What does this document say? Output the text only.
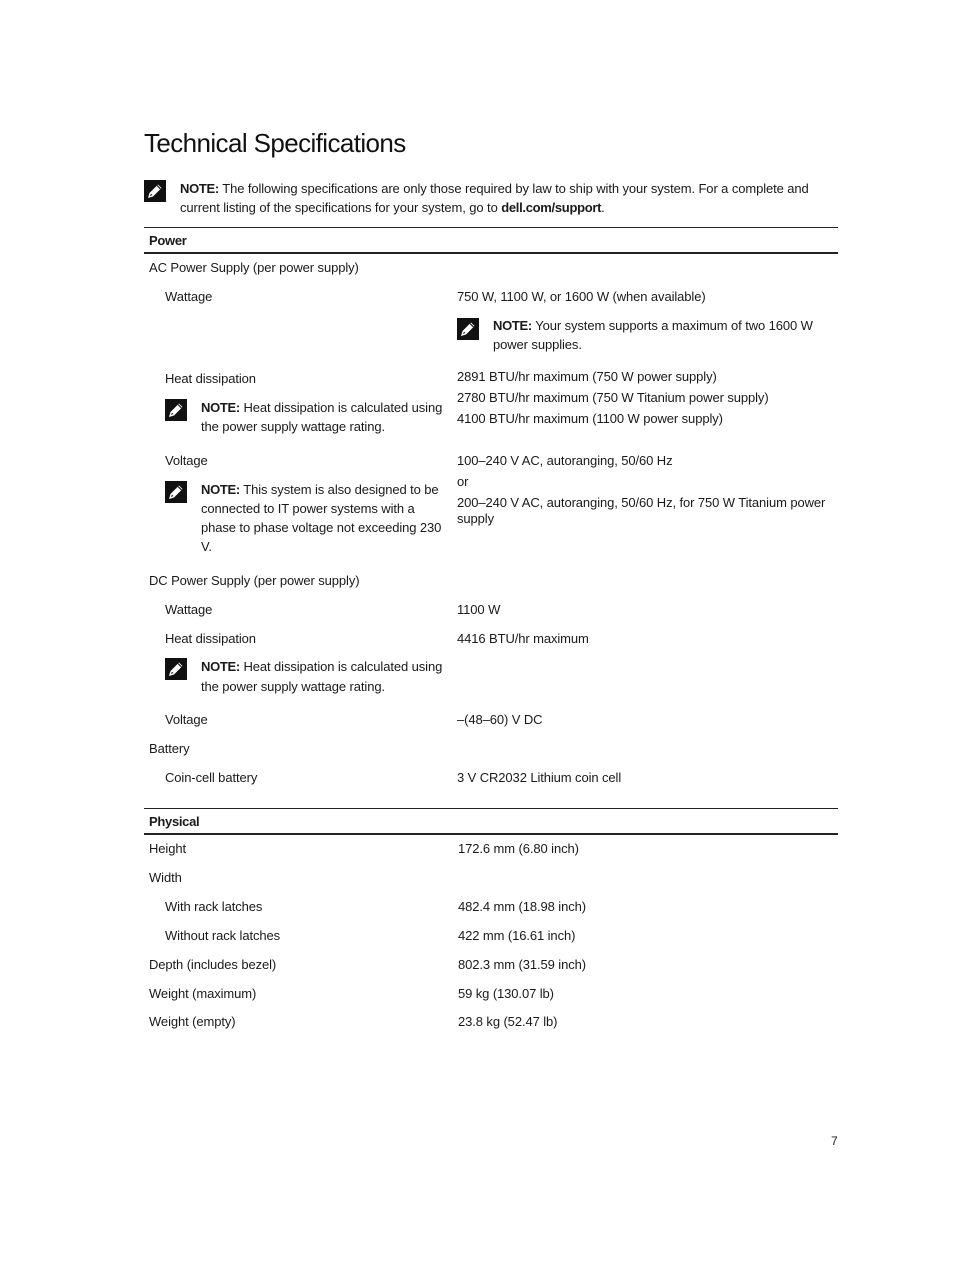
Technical Specifications
NOTE: The following specifications are only those required by law to ship with your system. For a complete and
current listing of the specifications for your system, go to dell.com/support.
Power
AC Power Supply (per power supply)
Wattage	750 W, 1100 W, or 1600 W (when available)
NOTE: Your system supports a maximum of two 1600 W
power supplies.
Heat dissipation	2891 BTU/hr maximum (750 W power supply)
2780 BTU/hr maximum (750 W Titanium power supply)
4100 BTU/hr maximum (1100 W power supply)
NOTE: Heat dissipation is calculated using
the power supply wattage rating.
Voltage	100–240 V AC, autoranging, 50/60 Hz
or
200–240 V AC, autoranging, 50/60 Hz, for 750 W Titanium power
supply
NOTE: This system is also designed to be
connected to IT power systems with a
phase to phase voltage not exceeding 230
V.
DC Power Supply (per power supply)
Wattage	1100 W
Heat dissipation	4416 BTU/hr maximum
NOTE: Heat dissipation is calculated using
the power supply wattage rating.
Voltage	–(48–60) V DC
Battery
Coin-cell battery	3 V CR2032 Lithium coin cell
Physical
Height	172.6 mm (6.80 inch)
Width
With rack latches	482.4 mm (18.98 inch)
Without rack latches	422 mm (16.61 inch)
Depth (includes bezel)	802.3 mm (31.59 inch)
Weight (maximum)	59 kg (130.07 lb)
Weight (empty)	23.8 kg (52.47 lb)
7
